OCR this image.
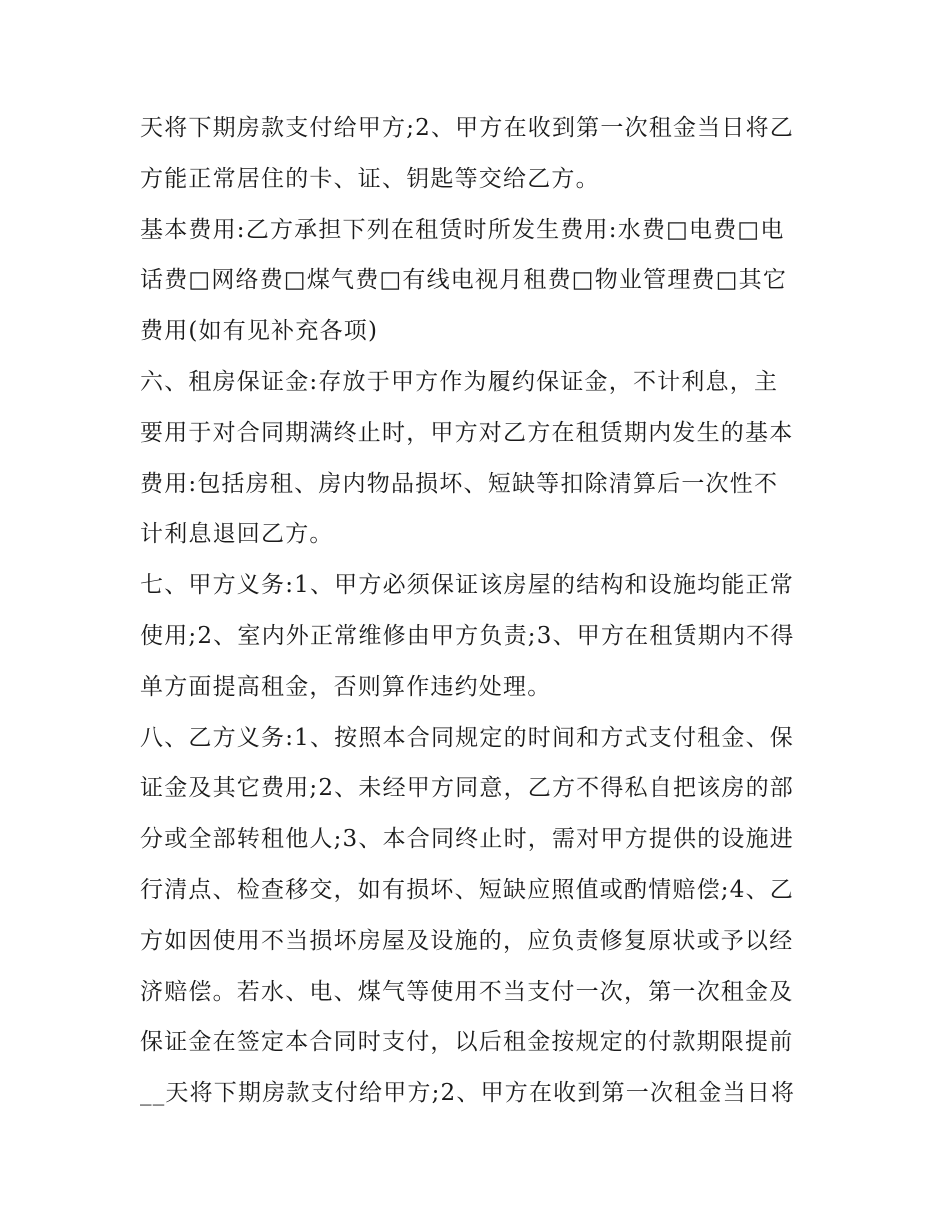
天将下期房款支付给甲方;2、甲方在收到第一次租金当日将乙
方能正常居住的卡、证、钥匙等交给乙方。
基本费用:乙方承担下列在租赁时所发生费用:水费□电费□电
话费□网络费□煤气费□有线电视月租费□物业管理费□其它
费用(如有见补充各项)
六、租房保证金:存放于甲方作为履约保证金，不计利息，主
要用于对合同期满终止时，甲方对乙方在租赁期内发生的基本
费用:包括房租、房内物品损坏、短缺等扣除清算后一次性不
计利息退回乙方。
七、甲方义务:1、甲方必须保证该房屋的结构和设施均能正常
使用;2、室内外正常维修由甲方负责;3、甲方在租赁期内不得
单方面提高租金，否则算作违约处理。
八、乙方义务:1、按照本合同规定的时间和方式支付租金、保
证金及其它费用;2、未经甲方同意，乙方不得私自把该房的部
分或全部转租他人;3、本合同终止时，需对甲方提供的设施进
行清点、检查移交，如有损坏、短缺应照值或酌情赔偿;4、乙
方如因使用不当损坏房屋及设施的，应负责修复原状或予以经
济赔偿。若水、电、煤气等使用不当支付一次，第一次租金及
保证金在签定本合同时支付，以后租金按规定的付款期限提前
__天将下期房款支付给甲方;2、甲方在收到第一次租金当日将
